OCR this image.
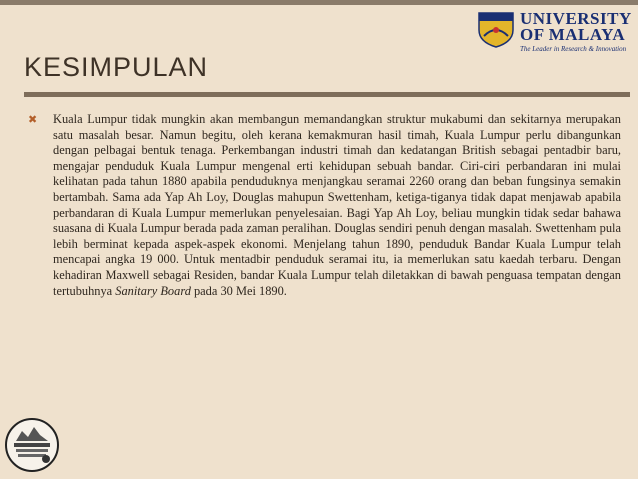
UNIVERSITY
OF MALAYA
The Leader in Research & Innovation
KESIMPULAN
✖ Kuala Lumpur tidak mungkin akan membangun memandangkan struktur mukabumi dan sekitarnya merupakan satu masalah besar. Namun begitu, oleh kerana kemakmuran hasil timah, Kuala Lumpur perlu dibangunkan dengan pelbagai bentuk tenaga. Perkembangan industri timah dan kedatangan British sebagai pentadbir baru, mengajar penduduk Kuala Lumpur mengenal erti kehidupan sebuah bandar. Ciri-ciri perbandaran ini mulai kelihatan pada tahun 1880 apabila penduduknya menjangkau seramai 2260 orang dan beban fungsinya semakin bertambah. Sama ada Yap Ah Loy, Douglas mahupun Swettenham, ketiga-tiganya tidak dapat menjawab apabila perbandaran di Kuala Lumpur memerlukan penyelesaian. Bagi Yap Ah Loy, beliau mungkin tidak sedar bahawa suasana di Kuala Lumpur berada pada zaman peralihan. Douglas sendiri penuh dengan masalah. Swettenham pula lebih berminat kepada aspek-aspek ekonomi. Menjelang tahun 1890, penduduk Bandar Kuala Lumpur telah mencapai angka 19 000. Untuk mentadbir penduduk seramai itu, ia memerlukan satu kaedah terbaru. Dengan kehadiran Maxwell sebagai Residen, bandar Kuala Lumpur telah diletakkan di bawah penguasa tempatan dengan tertubuhnya Sanitary Board pada 30 Mei 1890.
